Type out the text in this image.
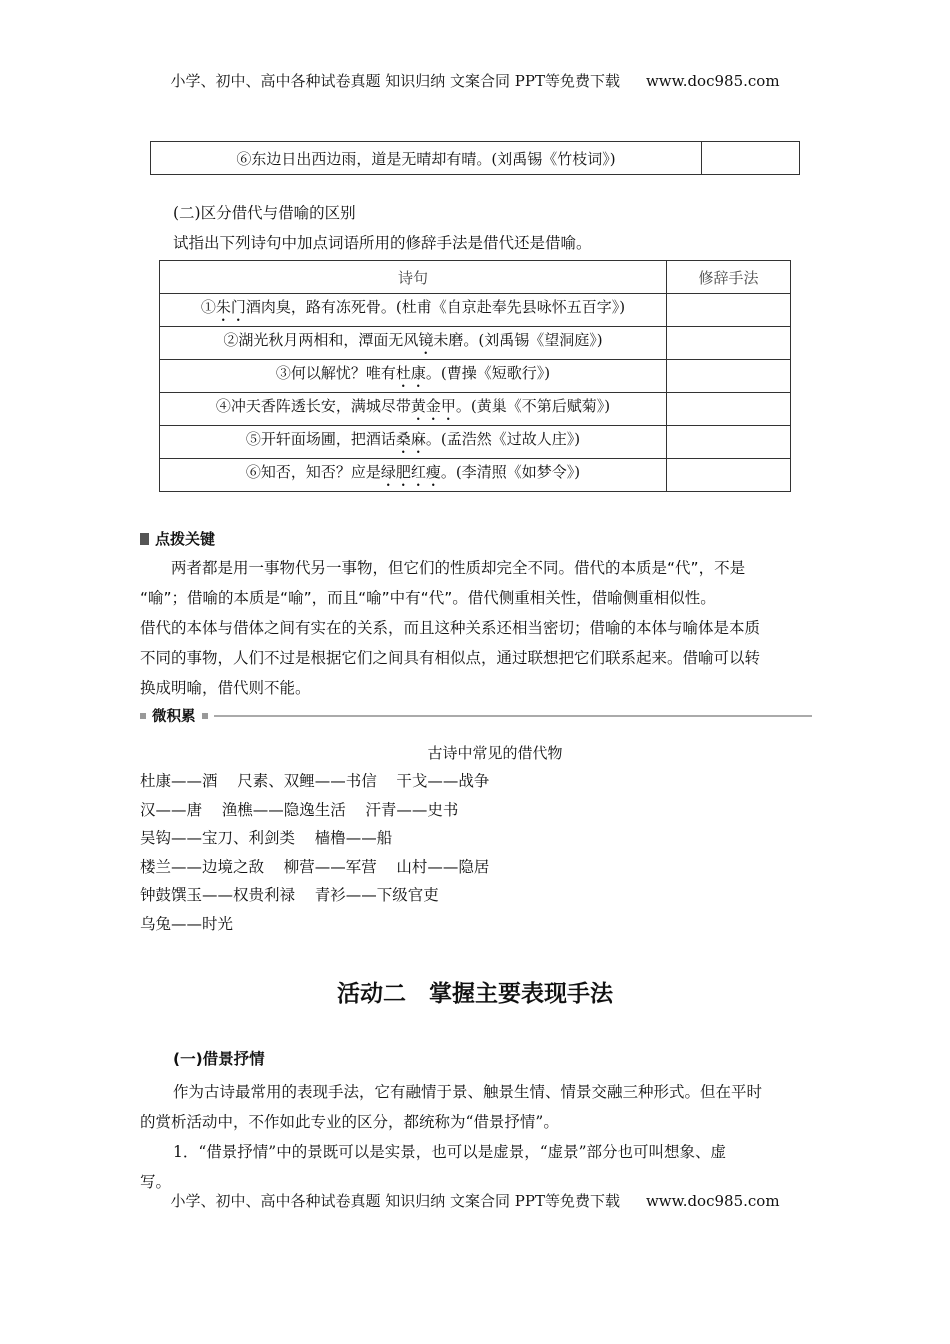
小学、初中、高中各种试卷真题 知识归纳 文案合同 PPT等免费下载 www.doc985.com
⑥东边日出西边雨，道是无晴却有晴。(刘禹锡《竹枝词》)	
(二)区分借代与借喻的区别
试指出下列诗句中加点词语所用的修辞手法是借代还是借喻。
诗句	修辞手法
①朱门酒肉臭，路有冻死骨。(杜甫《自京赴奉先县咏怀五百字》)	
②湖光秋月两相和，潭面无风镜未磨。(刘禹锡《望洞庭》)	
③何以解忧？唯有杜康。(曹操《短歌行》)	
④冲天香阵透长安，满城尽带黄金甲。(黄巢《不第后赋菊》)	
⑤开轩面场圃，把酒话桑麻。(孟浩然《过故人庄》)	
⑥知否，知否？应是绿肥红瘦。(李清照《如梦令》)	
点拨关键
两者都是用一事物代另一事物，但它们的性质却完全不同。借代的本质是“代”，不是
“喻”；借喻的本质是“喻”，而且“喻”中有“代”。借代侧重相关性，借喻侧重相似性。
借代的本体与借体之间有实在的关系，而且这种关系还相当密切；借喻的本体与喻体是本质
不同的事物，人们不过是根据它们之间具有相似点，通过联想把它们联系起来。借喻可以转
换成明喻，借代则不能。
微积累
古诗中常见的借代物
杜康——酒    尺素、双鲤——书信    干戈——战争
汉——唐    渔樵——隐逸生活    汗青——史书
吴钩——宝刀、利剑类    樯橹——船
楼兰——边境之敌    柳营——军营    山村——隐居
钟鼓馔玉——权贵利禄    青衫——下级官吏
乌兔——时光
活动二　掌握主要表现手法
(一)借景抒情
作为古诗最常用的表现手法，它有融情于景、触景生情、情景交融三种形式。但在平时
的赏析活动中，不作如此专业的区分，都统称为“借景抒情”。
1．“借景抒情”中的景既可以是实景，也可以是虚景，“虚景”部分也可叫想象、虚
写。
小学、初中、高中各种试卷真题 知识归纳 文案合同 PPT等免费下载 www.doc985.com
